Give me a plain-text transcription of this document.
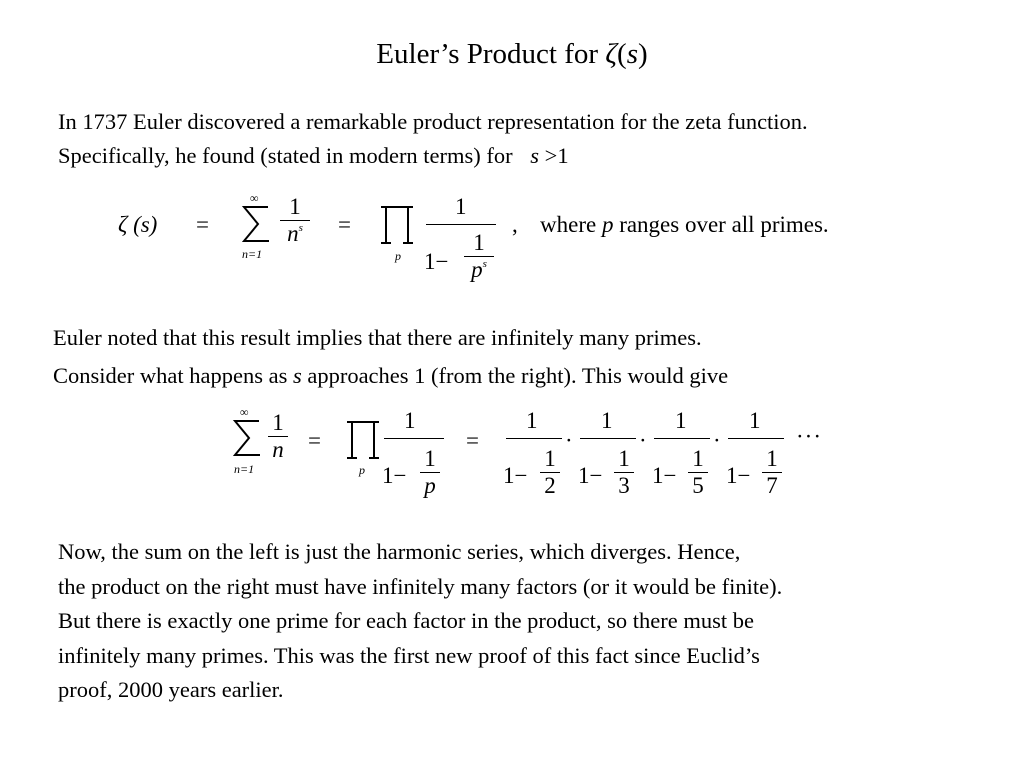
Euler’s Product for ζ(s)
In 1737 Euler discovered a remarkable product representation for the zeta function.
Specifically, he found (stated in modern terms) for s >1
ζ (s) =
∞
n=1
1
$n^s$ =
p
1
1−
1
$p^s$
, where p ranges over all primes.
Euler noted that this result implies that there are infinitely many primes.
Consider what happens as s approaches 1 (from the right). This would give
∞
n=1
1
n =
p
1
1−
1
p
=
1
1−
1
2
·
1
1−
1
3
·
1
1−
1
5
·
1
1−
1
7
···
Now, the sum on the left is just the harmonic series, which diverges. Hence,
the product on the right must have infinitely many factors (or it would be finite).
But there is exactly one prime for each factor in the product, so there must be
infinitely many primes. This was the first new proof of this fact since Euclid’s
proof, 2000 years earlier.
